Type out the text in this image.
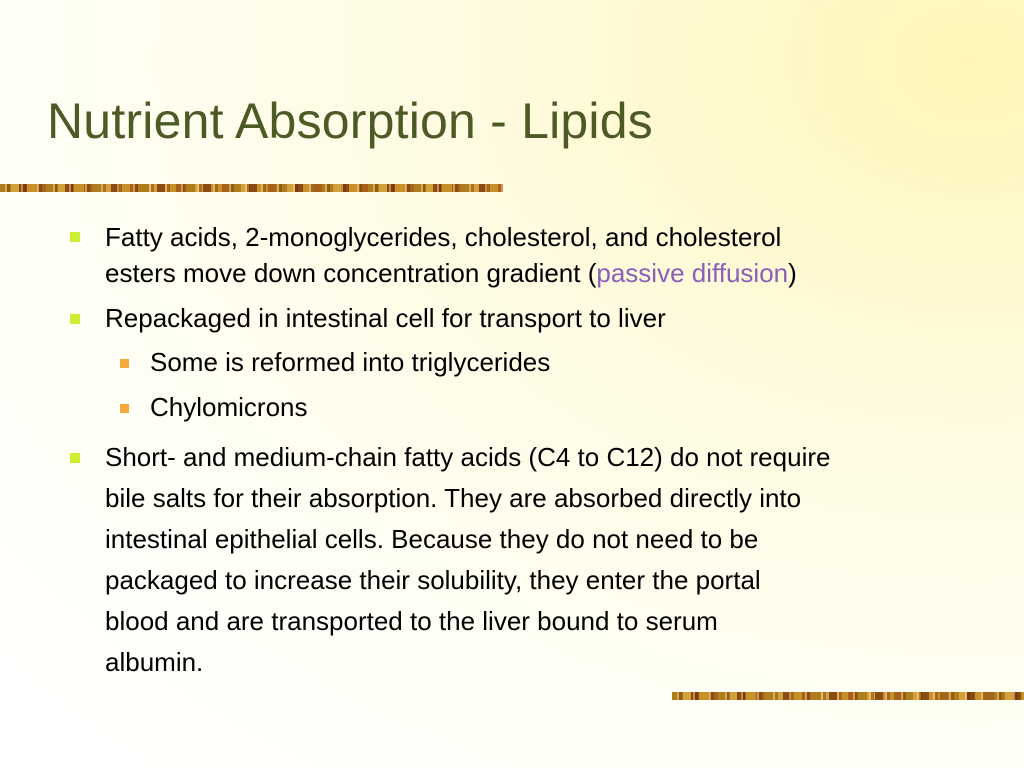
Nutrient Absorption - Lipids
Fatty acids, 2-monoglycerides, cholesterol, and cholesterol
esters move down concentration gradient (passive diffusion)
Repackaged in intestinal cell for transport to liver
Some is reformed into triglycerides
Chylomicrons
Short- and medium-chain fatty acids (C4 to C12) do not require
bile salts for their absorption. They are absorbed directly into
intestinal epithelial cells. Because they do not need to be
packaged to increase their solubility, they enter the portal
blood and are transported to the liver bound to serum
albumin.
